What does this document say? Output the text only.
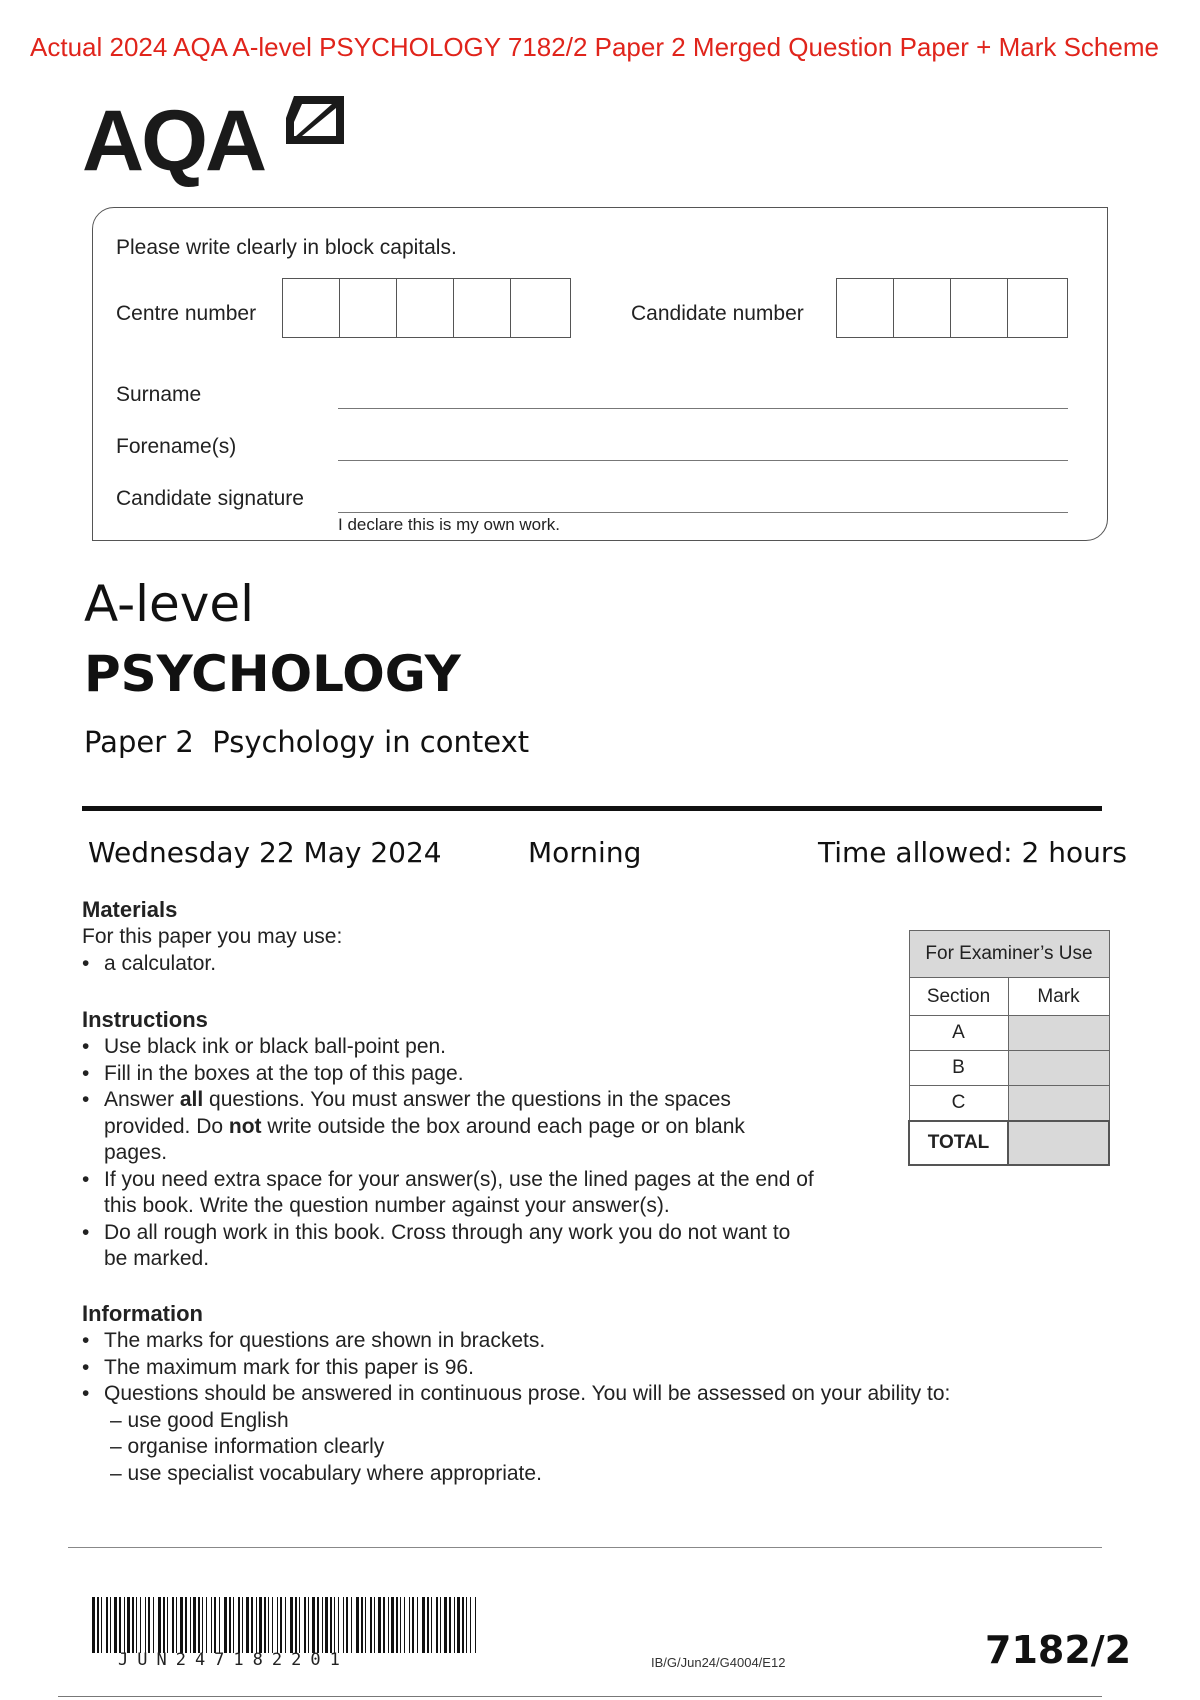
Actual 2024 AQA A-level PSYCHOLOGY 7182/2 Paper 2 Merged Question Paper + Mark Scheme
AQA
Please write clearly in block capitals.
Centre number	Candidate number
Surname
Forename(s)
Candidate signature
I declare this is my own work.
A-level
PSYCHOLOGY
Paper 2  Psychology in context
Wednesday 22 May 2024	Morning	Time allowed: 2 hours
Materials
For this paper you may use:
• a calculator.
Instructions
• Use black ink or black ball-point pen.
• Fill in the boxes at the top of this page.
• Answer all questions. You must answer the questions in the spaces provided. Do not write outside the box around each page or on blank pages.
• If you need extra space for your answer(s), use the lined pages at the end of this book. Write the question number against your answer(s).
• Do all rough work in this book. Cross through any work you do not want to be marked.
Information
• The marks for questions are shown in brackets.
• The maximum mark for this paper is 96.
• Questions should be answered in continuous prose. You will be assessed on your ability to:
– use good English
– organise information clearly
– use specialist vocabulary where appropriate.
For Examiner’s Use	
Section	Mark
A	
B	
C	
TOTAL	
JUN247182201	IB/G/Jun24/G4004/E12	7182/2
